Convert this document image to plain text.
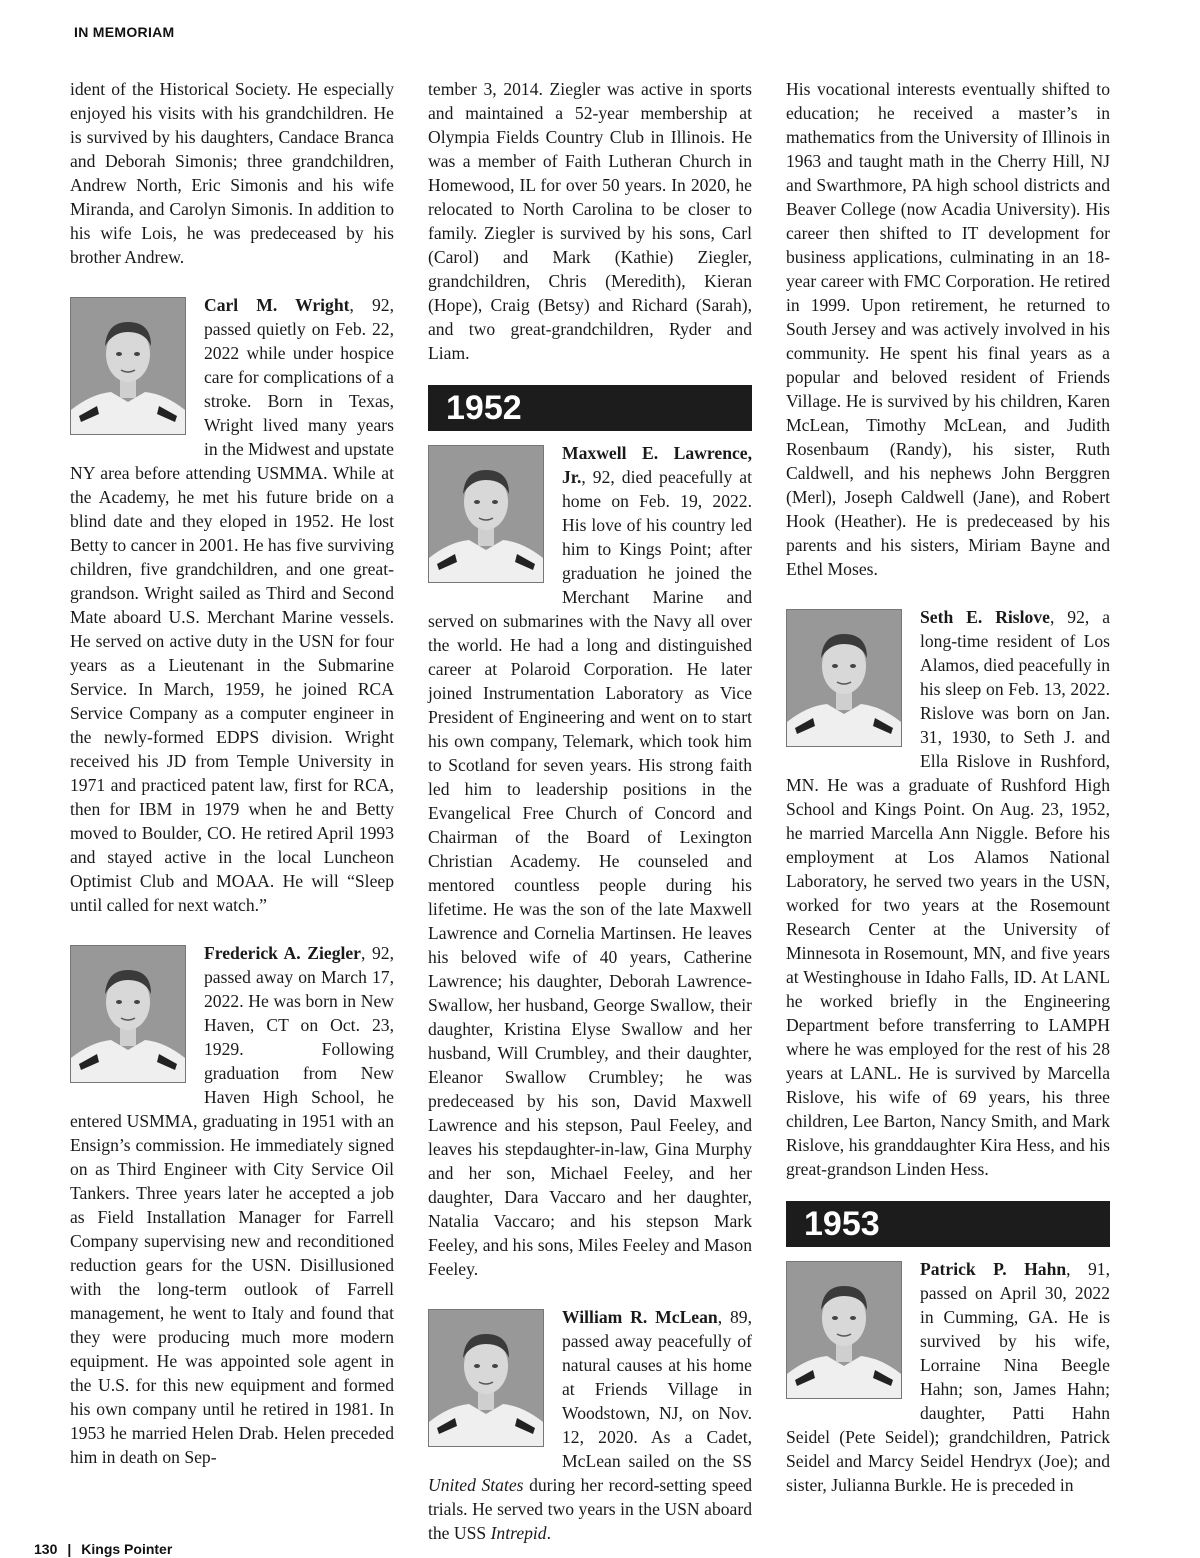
IN MEMORIAM

ident of the Historical Society. He especially enjoyed his visits with his grandchildren. He is survived by his daughters, Candace Branca and Deborah Simonis; three grandchildren, Andrew North, Eric Simonis and his wife Miranda, and Carolyn Simonis. In addition to his wife Lois, he was predeceased by his brother Andrew.

Carl M. Wright, 92, passed quietly on Feb. 22, 2022 while under hospice care for complications of a stroke. Born in Texas, Wright lived many years in the Midwest and upstate NY area before attending USMMA. While at the Academy, he met his future bride on a blind date and they eloped in 1952. He lost Betty to cancer in 2001. He has five surviving children, five grandchildren, and one great-grandson. Wright sailed as Third and Second Mate aboard U.S. Merchant Marine vessels. He served on active duty in the USN for four years as a Lieutenant in the Submarine Service. In March, 1959, he joined RCA Service Company as a computer engineer in the newly-formed EDPS division. Wright received his JD from Temple University in 1971 and practiced patent law, first for RCA, then for IBM in 1979 when he and Betty moved to Boulder, CO. He retired April 1993 and stayed active in the local Luncheon Optimist Club and MOAA. He will “Sleep until called for next watch.”

Frederick A. Ziegler, 92, passed away on March 17, 2022. He was born in New Haven, CT on Oct. 23, 1929. Following graduation from New Haven High School, he entered USMMA, graduating in 1951 with an Ensign’s commission. He immediately signed on as Third Engineer with City Service Oil Tankers. Three years later he accepted a job as Field Installation Manager for Farrell Company supervising new and reconditioned reduction gears for the USN. Disillusioned with the long-term outlook of Farrell management, he went to Italy and found that they were producing much more modern equipment. He was appointed sole agent in the U.S. for this new equipment and formed his own company until he retired in 1981. In 1953 he married Helen Drab. Helen preceded him in death on Sep-

tember 3, 2014. Ziegler was active in sports and maintained a 52-year membership at Olympia Fields Country Club in Illinois. He was a member of Faith Lutheran Church in Homewood, IL for over 50 years. In 2020, he relocated to North Carolina to be closer to family. Ziegler is survived by his sons, Carl (Carol) and Mark (Kathie) Ziegler, grandchildren, Chris (Meredith), Kieran (Hope), Craig (Betsy) and Richard (Sarah), and two great-grandchildren, Ryder and Liam.

1952

Maxwell E. Lawrence, Jr., 92, died peacefully at home on Feb. 19, 2022. His love of his country led him to Kings Point; after graduation he joined the Merchant Marine and served on submarines with the Navy all over the world. He had a long and distinguished career at Polaroid Corporation. He later joined Instrumentation Laboratory as Vice President of Engineering and went on to start his own company, Telemark, which took him to Scotland for seven years. His strong faith led him to leadership positions in the Evangelical Free Church of Concord and Chairman of the Board of Lexington Christian Academy. He counseled and mentored countless people during his lifetime. He was the son of the late Maxwell Lawrence and Cornelia Martinsen. He leaves his beloved wife of 40 years, Catherine Lawrence; his daughter, Deborah Lawrence-Swallow, her husband, George Swallow, their daughter, Kristina Elyse Swallow and her husband, Will Crumbley, and their daughter, Eleanor Swallow Crumbley; he was predeceased by his son, David Maxwell Lawrence and his stepson, Paul Feeley, and leaves his stepdaughter-in-law, Gina Murphy and her son, Michael Feeley, and her daughter, Dara Vaccaro and her daughter, Natalia Vaccaro; and his stepson Mark Feeley, and his sons, Miles Feeley and Mason Feeley.

William R. McLean, 89, passed away peacefully of natural causes at his home at Friends Village in Woodstown, NJ, on Nov. 12, 2020. As a Cadet, McLean sailed on the SS United States during her record-setting speed trials. He served two years in the USN aboard the USS Intrepid.

His vocational interests eventually shifted to education; he received a master’s in mathematics from the University of Illinois in 1963 and taught math in the Cherry Hill, NJ and Swarthmore, PA high school districts and Beaver College (now Acadia University). His career then shifted to IT development for business applications, culminating in an 18-year career with FMC Corporation. He retired in 1999. Upon retirement, he returned to South Jersey and was actively involved in his community. He spent his final years as a popular and beloved resident of Friends Village. He is survived by his children, Karen McLean, Timothy McLean, and Judith Rosenbaum (Randy), his sister, Ruth Caldwell, and his nephews John Berggren (Merl), Joseph Caldwell (Jane), and Robert Hook (Heather). He is predeceased by his parents and his sisters, Miriam Bayne and Ethel Moses.

Seth E. Rislove, 92, a long-time resident of Los Alamos, died peacefully in his sleep on Feb. 13, 2022. Rislove was born on Jan. 31, 1930, to Seth J. and Ella Rislove in Rushford, MN. He was a graduate of Rushford High School and Kings Point. On Aug. 23, 1952, he married Marcella Ann Niggle. Before his employment at Los Alamos National Laboratory, he served two years in the USN, worked for two years at the Rosemount Research Center at the University of Minnesota in Rosemount, MN, and five years at Westinghouse in Idaho Falls, ID. At LANL he worked briefly in the Engineering Department before transferring to LAMPH where he was employed for the rest of his 28 years at LANL. He is survived by Marcella Rislove, his wife of 69 years, his three children, Lee Barton, Nancy Smith, and Mark Rislove, his granddaughter Kira Hess, and his great-grandson Linden Hess.

1953

Patrick P. Hahn, 91, passed on April 30, 2022 in Cumming, GA. He is survived by his wife, Lorraine Nina Beegle Hahn; son, James Hahn; daughter, Patti Hahn Seidel (Pete Seidel); grandchildren, Patrick Seidel and Marcy Seidel Hendryx (Joe); and sister, Julianna Burkle. He is preceded in

130 | Kings Pointer
